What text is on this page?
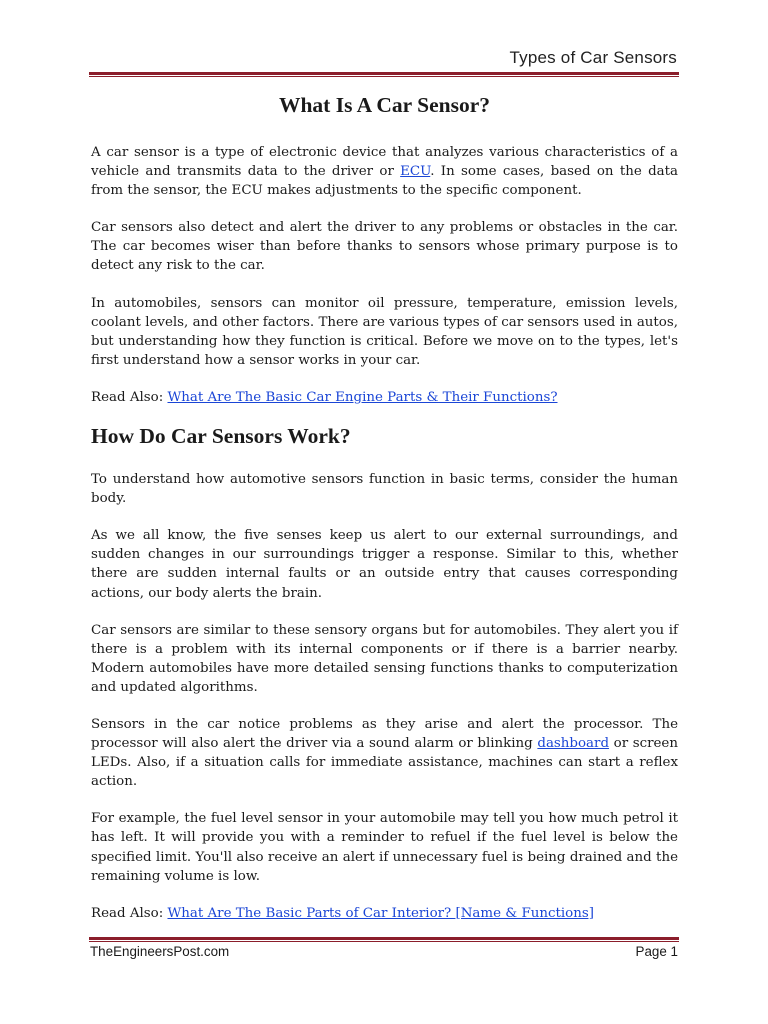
Types of Car Sensors
What Is A Car Sensor?

A car sensor is a type of electronic device that analyzes various characteristics of a vehicle and transmits data to the driver or ECU. In some cases, based on the data from the sensor, the ECU makes adjustments to the specific component.

Car sensors also detect and alert the driver to any problems or obstacles in the car. The car becomes wiser than before thanks to sensors whose primary purpose is to detect any risk to the car.

In automobiles, sensors can monitor oil pressure, temperature, emission levels, coolant levels, and other factors. There are various types of car sensors used in autos, but understanding how they function is critical. Before we move on to the types, let's first understand how a sensor works in your car.

Read Also: What Are The Basic Car Engine Parts & Their Functions?

How Do Car Sensors Work?

To understand how automotive sensors function in basic terms, consider the human body.

As we all know, the five senses keep us alert to our external surroundings, and sudden changes in our surroundings trigger a response. Similar to this, whether there are sudden internal faults or an outside entry that causes corresponding actions, our body alerts the brain.

Car sensors are similar to these sensory organs but for automobiles. They alert you if there is a problem with its internal components or if there is a barrier nearby. Modern automobiles have more detailed sensing functions thanks to computerization and updated algorithms.

Sensors in the car notice problems as they arise and alert the processor. The processor will also alert the driver via a sound alarm or blinking dashboard or screen LEDs. Also, if a situation calls for immediate assistance, machines can start a reflex action.

For example, the fuel level sensor in your automobile may tell you how much petrol it has left. It will provide you with a reminder to refuel if the fuel level is below the specified limit. You'll also receive an alert if unnecessary fuel is being drained and the remaining volume is low.

Read Also: What Are The Basic Parts of Car Interior? [Name & Functions]

TheEngineersPost.com	Page 1
